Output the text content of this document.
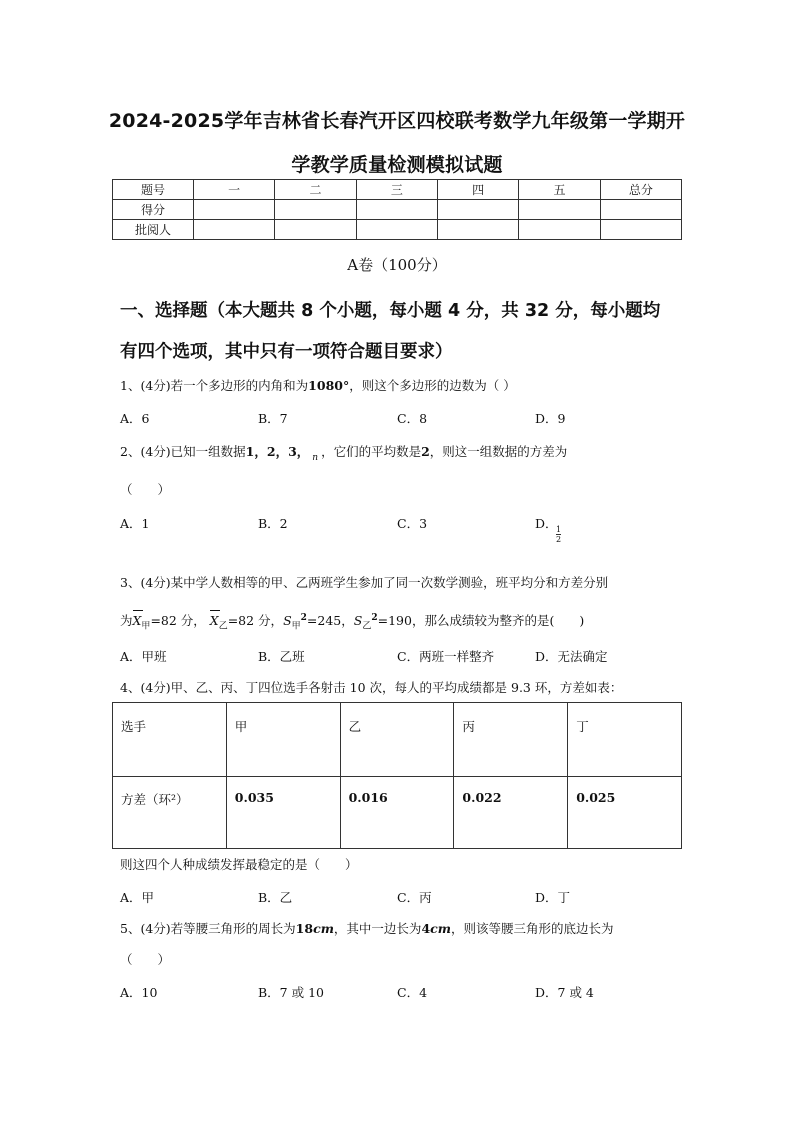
2024-2025学年吉林省长春汽开区四校联考数学九年级第一学期开
学教学质量检测模拟试题
题号	一	二	三	四	五	总分
得分						
批阅人						
A卷（100分）
一、选择题（本大题共 8 个小题，每小题 4 分，共 32 分，每小题均
有四个选项，其中只有一项符合题目要求）
1、(4分)若一个多边形的内角和为1080°，则这个多边形的边数为（ ）
A．6	B．7	C．8	D．9
2、(4分)已知一组数据1，2，3， $_n$ ，它们的平均数是2，则这一组数据的方差为
（　　）
A．1	B．2	C．3	D．
$\frac{1}{2}$
3、(4分)某中学人数相等的甲、乙两班学生参加了同一次数学测验，班平均分和方差分别
为
$X_甲=82$ 分， $X_乙=82$ 分，$S_甲^2=245$，$S_乙^2=190$，那么成绩较为整齐的是(　　)
A．甲班	B．乙班	C．两班一样整齐	D．无法确定
4、(4分)甲、乙、丙、丁四位选手各射击 10 次，每人的平均成绩都是 9.3 环，方差如表：
选手	甲	乙	丙	丁
方差（环²）	0.035	0.016	0.022	0.025
则这四个人种成绩发挥最稳定的是（　　）
A．甲	B．乙	C．丙	D．丁
5、(4分)若等腰三角形的周长为18cm，其中一边长为4cm，则该等腰三角形的底边长为
（　　）
A．10	B．7 或 10	C．4	D．7 或 4
